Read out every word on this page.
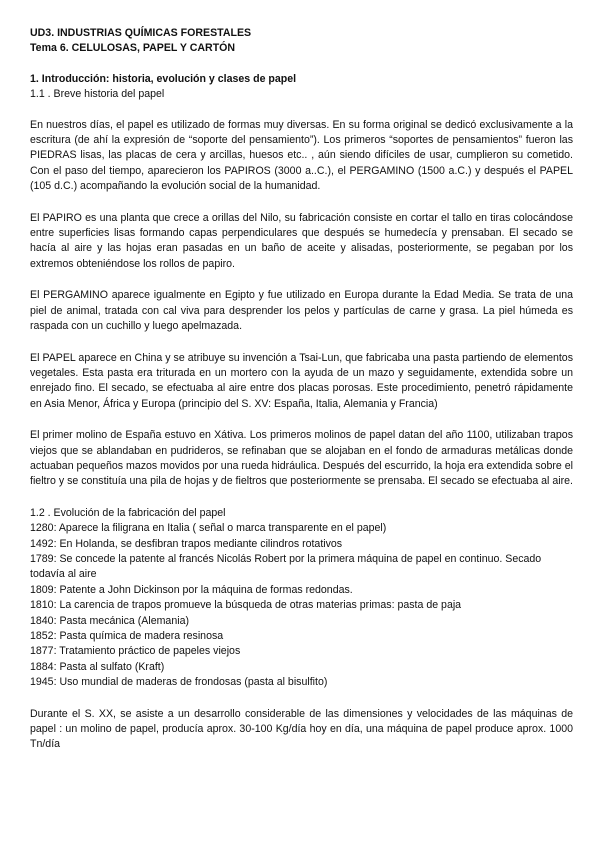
UD3. INDUSTRIAS QUÍMICAS FORESTALES

Tema 6. CELULOSAS, PAPEL Y CARTÓN

1. Introducción: historia, evolución y clases de papel

1.1 . Breve historia del papel

En nuestros días, el papel es utilizado de formas muy diversas. En su forma original se dedicó exclusivamente a la escritura (de ahí la expresión de “soporte del pensamiento”). Los primeros “soportes de pensamientos” fueron las PIEDRAS lisas, las placas de cera y arcillas, huesos etc.. , aún siendo difíciles de usar, cumplieron su cometido. Con el paso del tiempo, aparecieron los PAPIROS (3000 a..C.), el PERGAMINO (1500 a.C.) y después el PAPEL (105 d.C.) acompañando la evolución social de la humanidad.

El PAPIRO es una planta que crece a orillas del Nilo, su fabricación consiste en cortar el tallo en tiras colocándose entre superficies lisas formando capas perpendiculares que después se humedecía y prensaban. El secado se hacía al aire y las hojas eran pasadas en un baño de aceite y alisadas, posteriormente, se pegaban por los extremos obteniéndose los rollos de papiro.

El PERGAMINO aparece igualmente en Egipto y fue utilizado en Europa durante la Edad Media. Se trata de una piel de animal, tratada con cal viva para desprender los pelos y partículas de carne y grasa. La piel húmeda es raspada con un cuchillo y luego apelmazada.

El PAPEL aparece en China y se atribuye su invención a Tsai-Lun, que fabricaba una pasta partiendo de elementos vegetales. Esta pasta era triturada en un mortero con la ayuda de un mazo y seguidamente, extendida sobre un enrejado fino. El secado, se efectuaba al aire entre dos placas porosas. Este procedimiento, penetró rápidamente en Asia Menor, África y Europa (principio del S. XV: España, Italia, Alemania y Francia)

El primer molino de España estuvo en Xátiva. Los primeros molinos de papel datan del año 1100, utilizaban trapos viejos que se ablandaban en pudrideros, se refinaban que se alojaban en el fondo de armaduras metálicas donde actuaban pequeños mazos movidos por una rueda hidráulica. Después del escurrido, la hoja era extendida sobre el fieltro y se constituía una pila de hojas y de fieltros que posteriormente se prensaba. El secado se efectuaba al aire.

1.2 . Evolución de la fabricación del papel

1280: Aparece la filigrana en Italia ( señal o marca transparente en el papel)
1492: En Holanda, se desfibran trapos mediante cilindros rotativos
1789: Se concede la patente al francés Nicolás Robert por la primera máquina de papel en continuo. Secado todavía al aire
1809: Patente a John Dickinson por la máquina de formas redondas.
1810: La carencia de trapos promueve la búsqueda de otras materias primas: pasta de paja
1840: Pasta mecánica (Alemania)
1852: Pasta química de madera resinosa
1877: Tratamiento práctico de papeles viejos
1884: Pasta al sulfato (Kraft)
1945: Uso mundial de maderas de frondosas (pasta al bisulfito)

Durante el S. XX, se asiste a un desarrollo considerable de las dimensiones y velocidades de las máquinas de papel : un molino de papel, producía aprox. 30-100 Kg/día hoy en día, una máquina de papel produce aprox. 1000 Tn/día
